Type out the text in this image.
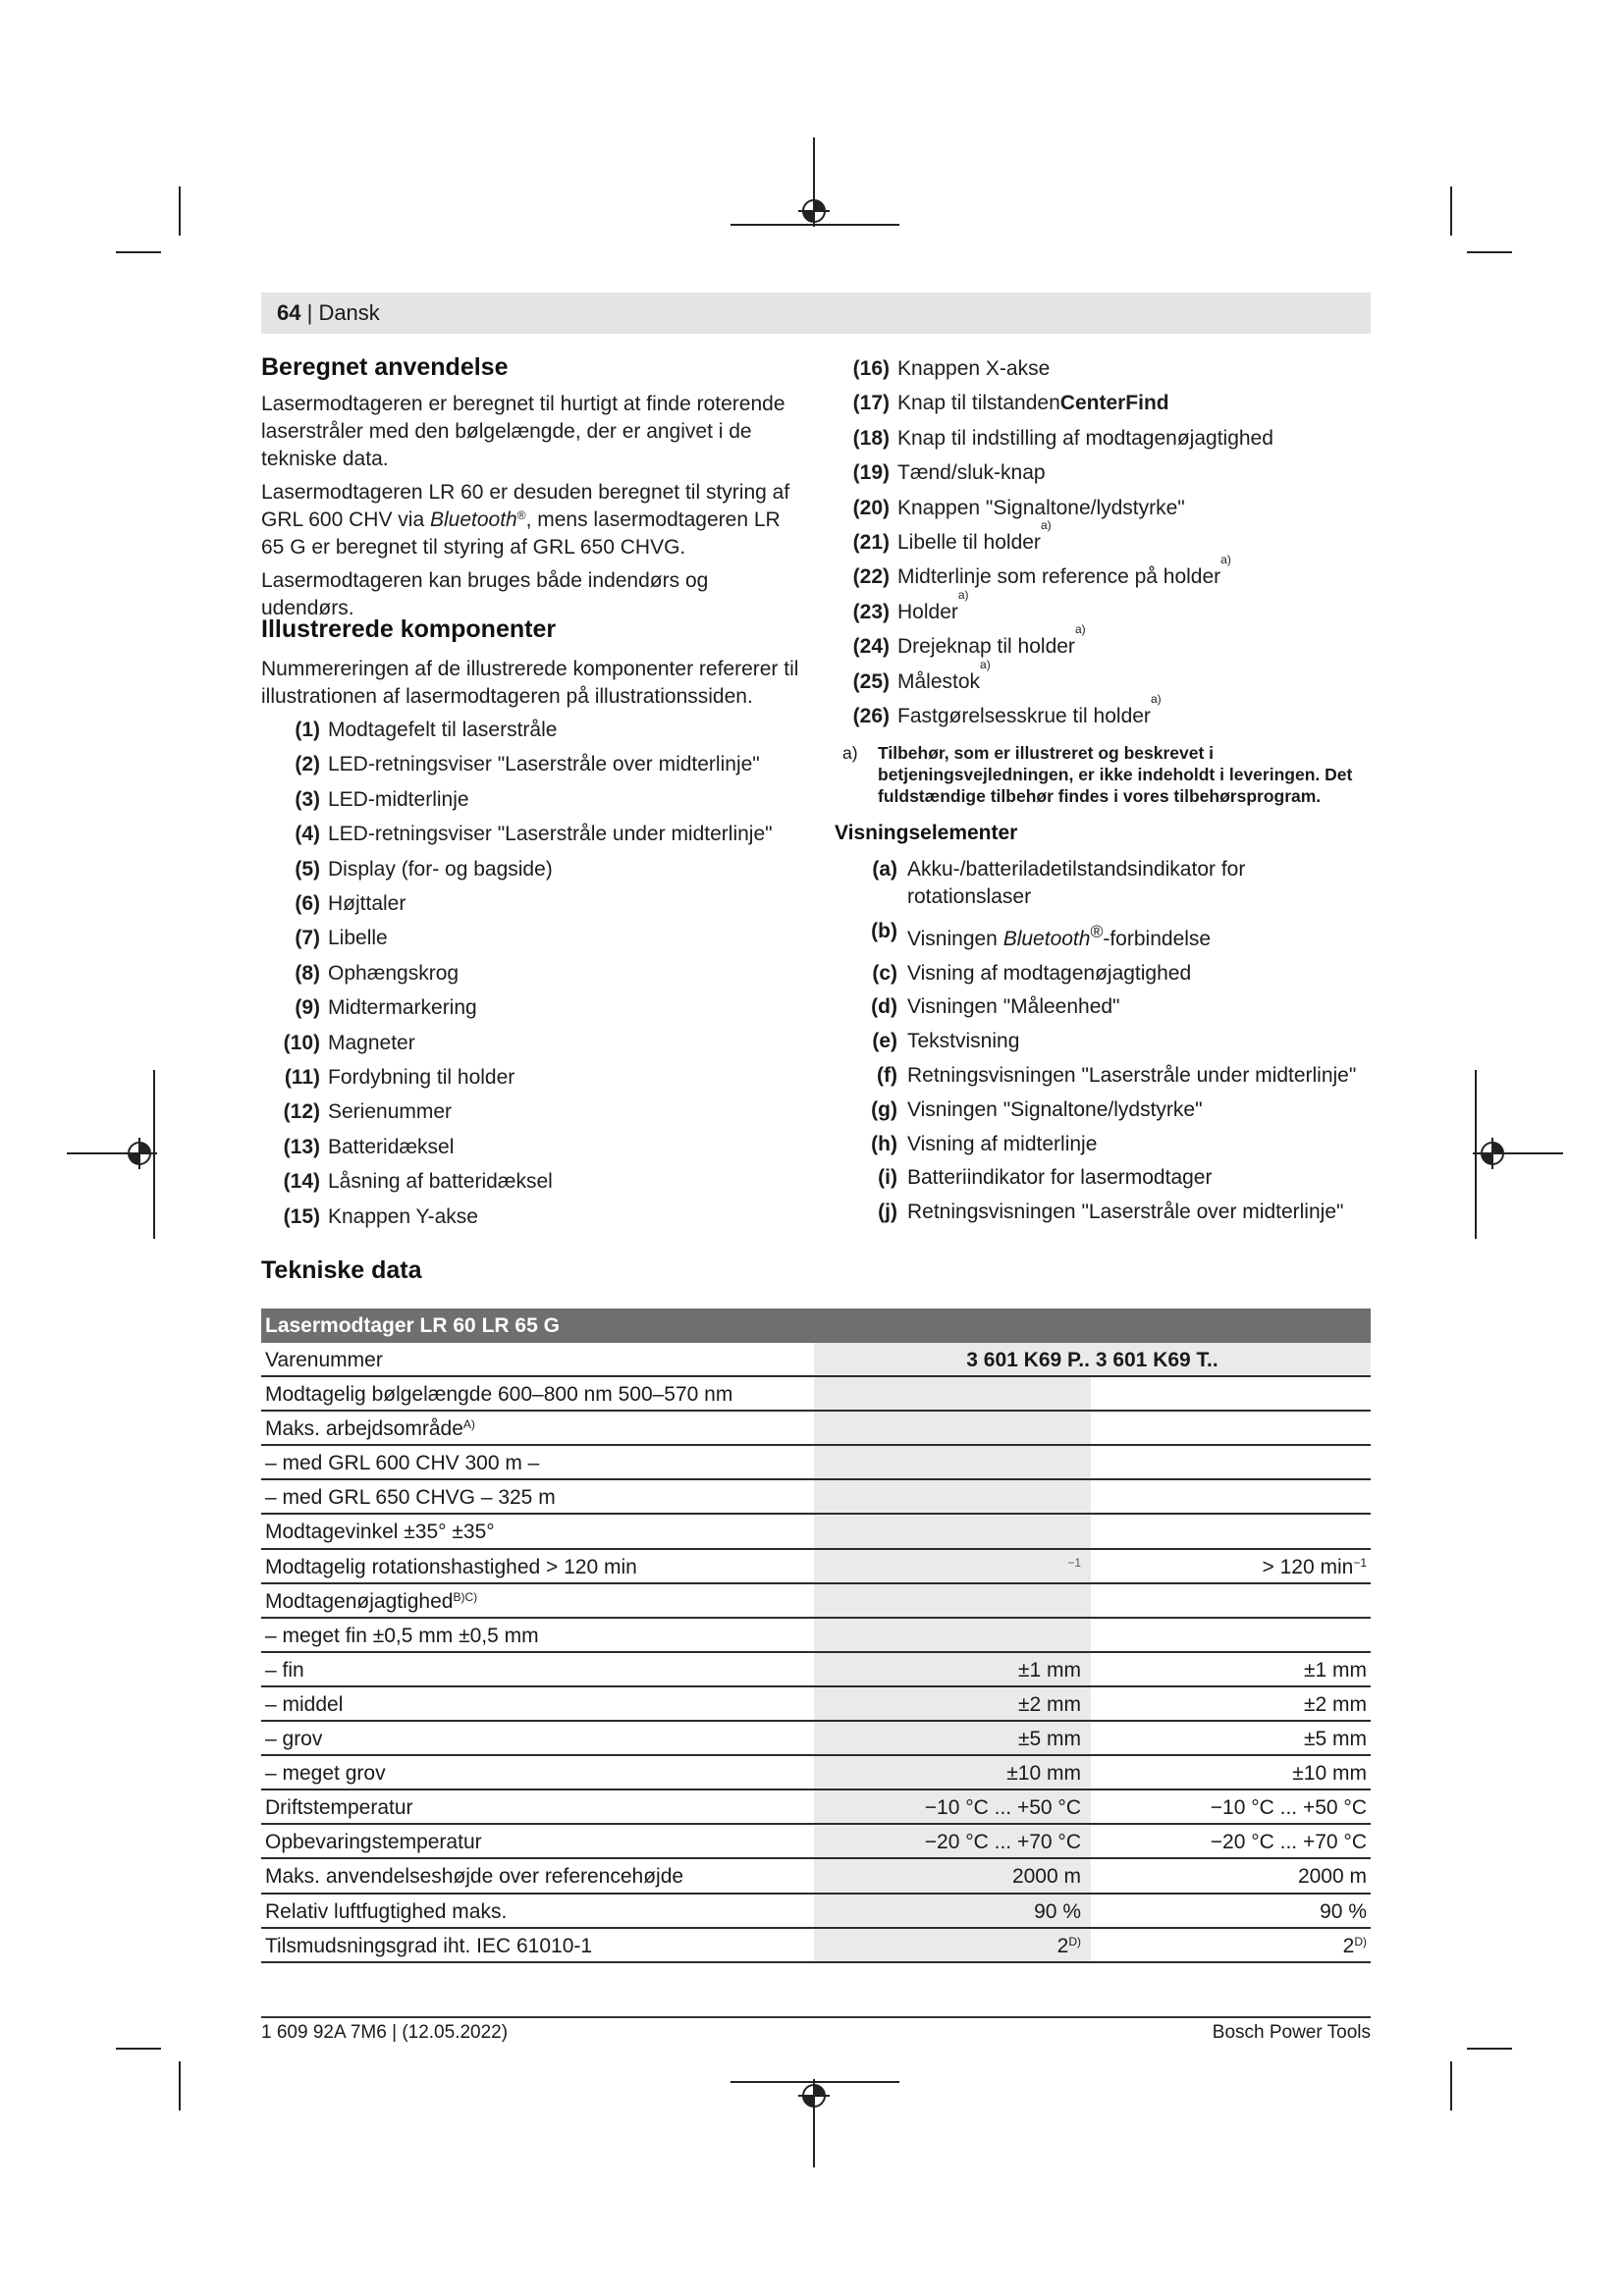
64 | Dansk
Beregnet anvendelse

Lasermodtageren er beregnet til hurtigt at finde roterende laserstråler med den bølgelængde, der er angivet i de tekniske data.

Lasermodtageren LR 60 er desuden beregnet til styring af GRL 600 CHV via Bluetooth®, mens lasermodtageren LR 65 G er beregnet til styring af GRL 650 CHVG.

Lasermodtageren kan bruges både indendørs og udendørs.

Illustrerede komponenter
Nummereringen af de illustrerede komponenter refererer til illustrationen af lasermodtageren på illustrationssiden.
(1) Modtagefelt til laserstråle
(2) LED-retningsviser "Laserstråle over midterlinje"
(3) LED-midterlinje
(4) LED-retningsviser "Laserstråle under midterlinje"
(5) Display (for- og bagside)
(6) Højttaler
(7) Libelle
(8) Ophængskrog
(9) Midtermarkering
(10) Magneter
(11) Fordybning til holder
(12) Serienummer
(13) Batteridæksel
(14) Låsning af batteridæksel
(15) Knappen Y-akse
(16) Knappen X-akse
(17) Knap til tilstanden CenterFind
(18) Knap til indstilling af modtagenøjagtighed
(19) Tænd/sluk-knap
(20) Knappen "Signaltone/lydstyrke"
(21) Libelle til holder
a)
(22) Midterlinje som reference på holder
a)
(23) Holder
a)
(24) Drejeknap til holder
a)
(25) Målestok
a)
(26) Fastgørelsesskrue til holder
a)
a)	Tilbehør, som er illustreret og beskrevet i betjeningsvejledningen, er ikke indeholdt i leveringen. Det fuldstændige tilbehør findes i vores tilbehørsprogram.
Visningselementer
(a) Akku-/batteriladetilstandsindikator for rotationslaser
(b) Visningen Bluetooth®-forbindelse
(c) Visning af modtagenøjagtighed
(d) Visningen "Måleenhed"
(e) Tekstvisning
(f) Retningsvisningen "Laserstråle under midterlinje"
(g) Visningen "Signaltone/lydstyrke"
(h) Visning af midterlinje
(i) Batteriindikator for lasermodtager
(j) Retningsvisningen "Laserstråle over midterlinje"
Tekniske data
Lasermodtager LR 60 LR 65 G
Varenummer	3 601 K69 P.. 3 601 K69 T..
Modtagelig bølgelængde 600–800 nm 500–570 nm
Maks. arbejdsområde$^{A)}$
– med GRL 600 CHV 300 m –
– med GRL 650 CHVG – 325 m
Modtagevinkel ±35° ±35°
Modtagelig rotationshastighed > 120 min	$^{-1}$	> 120 $\min^{-1}$
Modtagenøjagtighed$^{B)C)}$
– meget fin ±0,5 mm ±0,5 mm
– fin	±1 mm	±1 mm
– middel	±2 mm	±2 mm
– grov	±5 mm	±5 mm
– meget grov	±10 mm	±10 mm
Driftstemperatur	−10 °C ... +50 °C	−10 °C ... +50 °C
Opbevaringstemperatur	−20 °C ... +70 °C	−20 °C ... +70 °C
Maks. anvendelseshøjde over referencehøjde	2000 m	2000 m
Relativ luftfugtighed maks.	90 %	90 %
Tilsmudsningsgrad iht. IEC 61010-1	$2^{D)}$	$2^{D)}$
1 609 92A 7M6 | (12.05.2022)	Bosch Power Tools
